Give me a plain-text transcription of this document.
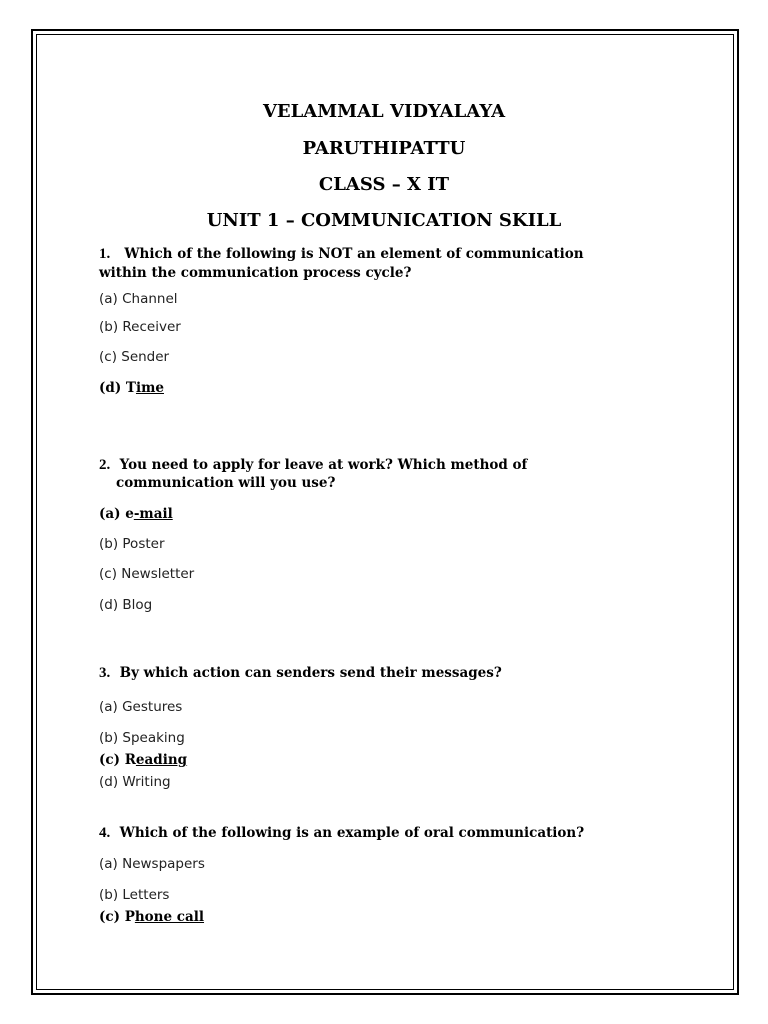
VELAMMAL VIDYALAYA
PARUTHIPATTU
CLASS – X IT
UNIT 1 – COMMUNICATION SKILL
1. Which of the following is NOT an element of communication
within the communication process cycle?
(a) Channel
(b) Receiver
(c) Sender
(d) Time
2. You need to apply for leave at work? Which method of
communication will you use?
(a) e-mail
(b) Poster
(c) Newsletter
(d) Blog
3. By which action can senders send their messages?
(a) Gestures
(b) Speaking
(c) Reading
(d) Writing
4. Which of the following is an example of oral communication?
(a) Newspapers
(b) Letters
(c) Phone call
